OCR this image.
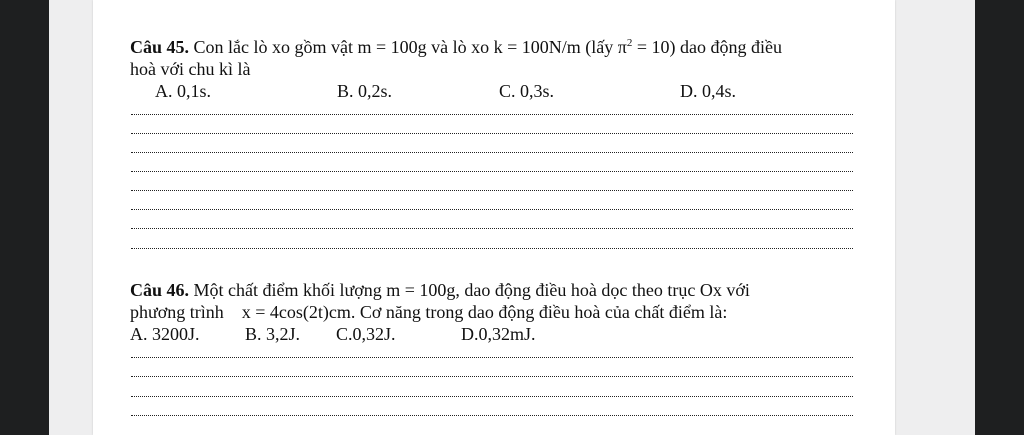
Câu 45. Con lắc lò xo gồm vật m = 100g và lò xo k = 100N/m (lấy $\pi^2 = 10$) dao động điều
hoà với chu kì là
A. 0,1s.	B. 0,2s.	C. 0,3s.	D. 0,4s.
Câu 46. Một chất điểm khối lượng m = 100g, dao động điều hoà dọc theo trục Ox với
phương trình    x = 4cos(2t)cm. Cơ năng trong dao động điều hoà của chất điểm là:
A. 3200J.	B. 3,2J. C.0,32J.	D.0,32mJ.
